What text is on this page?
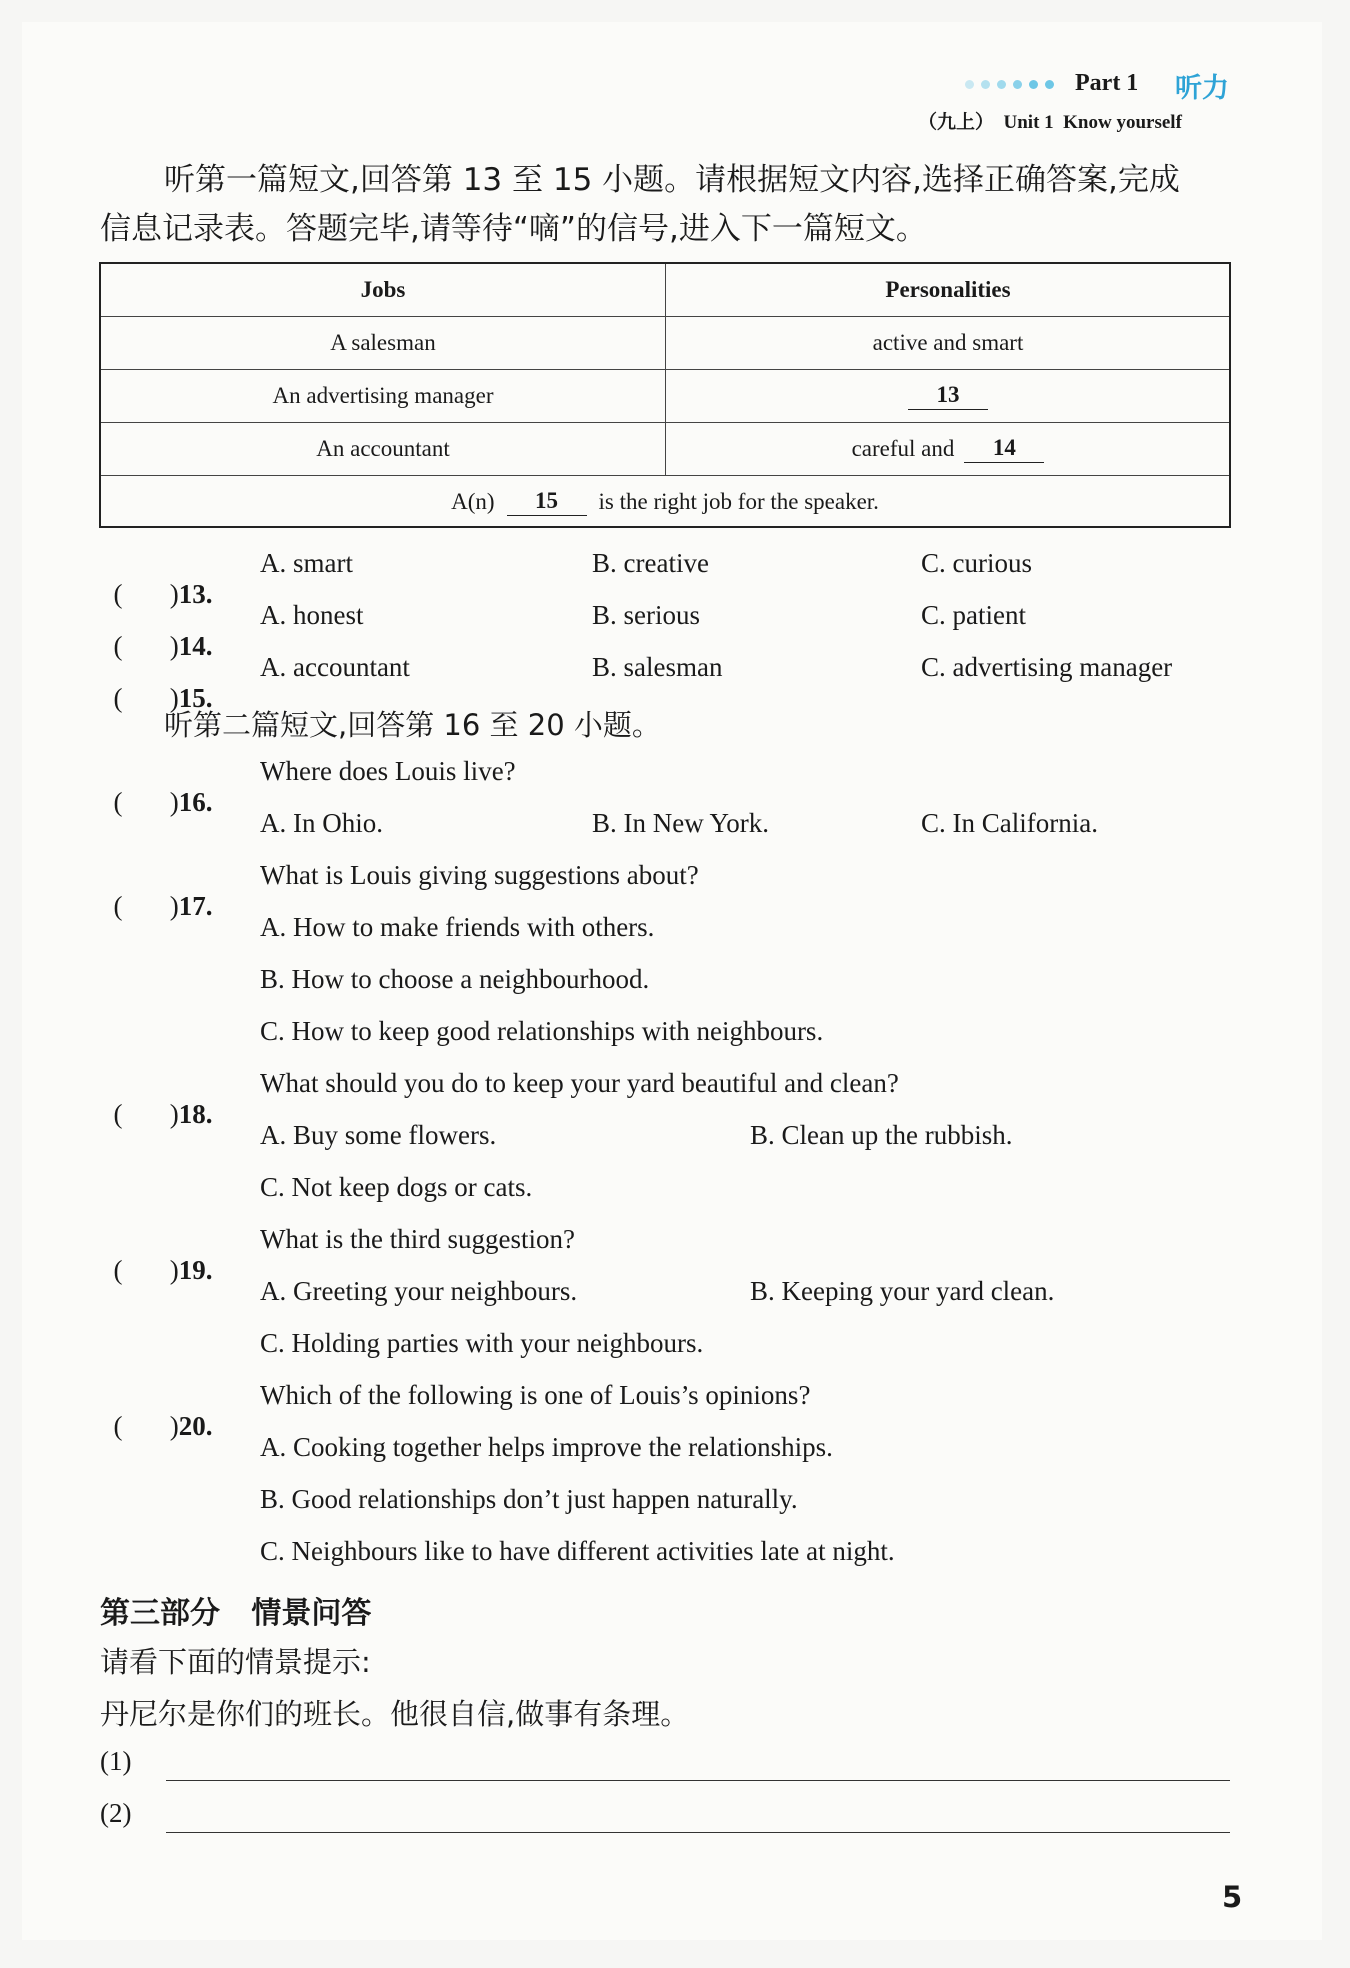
Part 1 听力
（九上）  Unit 1  Know yourself
听第一篇短文,回答第 13 至 15 小题。请根据短文内容,选择正确答案,完成
信息记录表。答题完毕,请等待“嘀”的信号,进入下一篇短文。
Jobs	Personalities
A salesman	active and smart
An advertising manager	13
An accountant	careful and	14
A(n)	15	is the right job for the speaker.

(       )13.

A. smart	B. creative	C. curious

(       )14.

A. honest	B. serious	C. patient

(       )15.

A. accountant	B. salesman	C. advertising manager
听第二篇短文,回答第 16 至 20 小题。

(       )16.

Where does Louis live?
A. In Ohio.	B. In New York.	C. In California.

(       )17.

What is Louis giving suggestions about?
A. How to make friends with others.
B. How to choose a neighbourhood.
C. How to keep good relationships with neighbours.

(       )18.

What should you do to keep your yard beautiful and clean?
A. Buy some flowers.	B. Clean up the rubbish.
C. Not keep dogs or cats.

(       )19.

What is the third suggestion?
A. Greeting your neighbours.	B. Keeping your yard clean.
C. Holding parties with your neighbours.

(       )20.

Which of the following is one of Louis’s opinions?
A. Cooking together helps improve the relationships.
B. Good relationships don’t just happen naturally.
C. Neighbours like to have different activities late at night.
第三部分   情景问答
请看下面的情景提示:
丹尼尔是你们的班长。他很自信,做事有条理。
(1)
(2)
5
